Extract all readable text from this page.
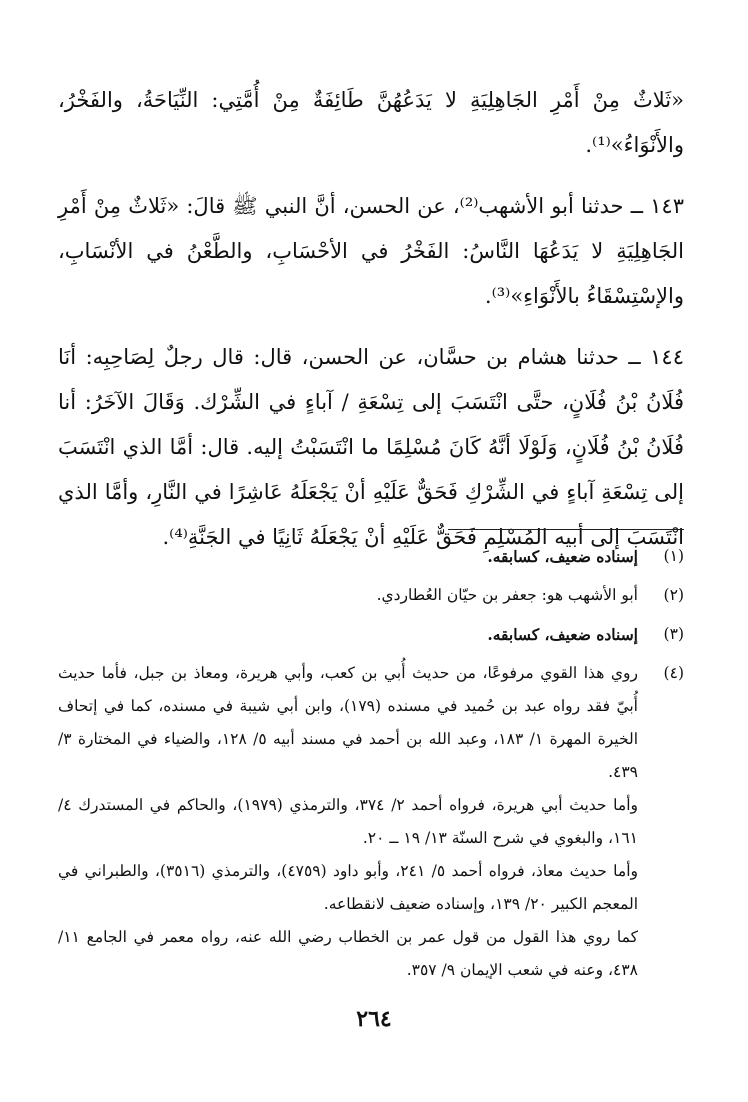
«ثَلاثٌ مِنْ أَمْرِ الجَاهِلِيَةِ لا يَدَعُهُنَّ طَائِفَةٌ مِنْ أُمَّتِي: النِّيَاحَةُ، والفَخْرُ، والأَنْوَاءُ»⁽¹⁾.

١٤٣ ــ حدثنا أبو الأشهب⁽²⁾، عن الحسن، أنَّ النبي ﷺ قالَ: «ثَلاثٌ مِنْ أَمْرِ الجَاهِلِيَةِ لا يَدَعُهَا النَّاسُ: الفَخْرُ في الأحْسَابِ، والطَّعْنُ في الأنْسَابِ، والإسْتِسْقَاءُ بالأَنْوَاءِ»⁽³⁾.

١٤٤ ــ حدثنا هشام بن حسَّان، عن الحسن، قال: قال رجلٌ لِصَاحِبِه: أنَا فُلَانُ بْنُ فُلَانٍ، حتَّى انْتَسَبَ إلى تِسْعَةِ / آباءٍ في الشِّرْك. وَقَالَ الآخَرُ: أنا فُلَانُ بْنُ فُلَانٍ، وَلَوْلَا أنَّهُ كَانَ مُسْلِمًا ما انْتَسَبْتُ إليه. قال: أمَّا الذي انْتَسَبَ إلى تِسْعَةِ آباءٍ في الشِّرْكِ فَحَقٌّ عَلَيْهِ أنْ يَجْعَلَهُ عَاشِرًا في النَّارِ، وأمَّا الذي انْتَسَبَ إلى أبيه المُسْلِمِ فَحَقٌّ عَلَيْهِ أنْ يَجْعَلَهُ ثَانِيًا في الجَنَّةِ⁽⁴⁾.

(١)
إسناده ضعيف، كسابقه.
(٢)
أبو الأشهب هو: جعفر بن حيّان العُطاردي.
(٣)
إسناده ضعيف، كسابقه.
(٤)
روي هذا القوي مرفوعًا، من حديث أُبي بن كعب، وأبي هريرة، ومعاذ بن جبل، فأما حديث أُبيّ فقد رواه عبد بن حُميد في مسنده (١٧٩)، وابن أبي شيبة في مسنده، كما في إتحاف الخيرة المهرة ١/ ١٨٣، وعبد الله بن أحمد في مسند أبيه ٥/ ١٢٨، والضياء في المختارة ٣/ ٤٣٩.

وأما حديث أبي هريرة، فرواه أحمد ٢/ ٣٧٤، والترمذي (١٩٧٩)، والحاكم في المستدرك ٤/ ١٦١، والبغوي في شرح السنّة ١٣/ ١٩ ــ ٢٠.

وأما حديث معاذ، فرواه أحمد ٥/ ٢٤١، وأبو داود (٤٧٥٩)، والترمذي (٣٥١٦)، والطبراني في المعجم الكبير ٢٠/ ١٣٩، وإسناده ضعيف لانقطاعه.

كما روي هذا القول من قول عمر بن الخطاب رضي الله عنه، رواه معمر في الجامع ١١/ ٤٣٨، وعنه في شعب الإيمان ٩/ ٣٥٧.

٢٦٤
